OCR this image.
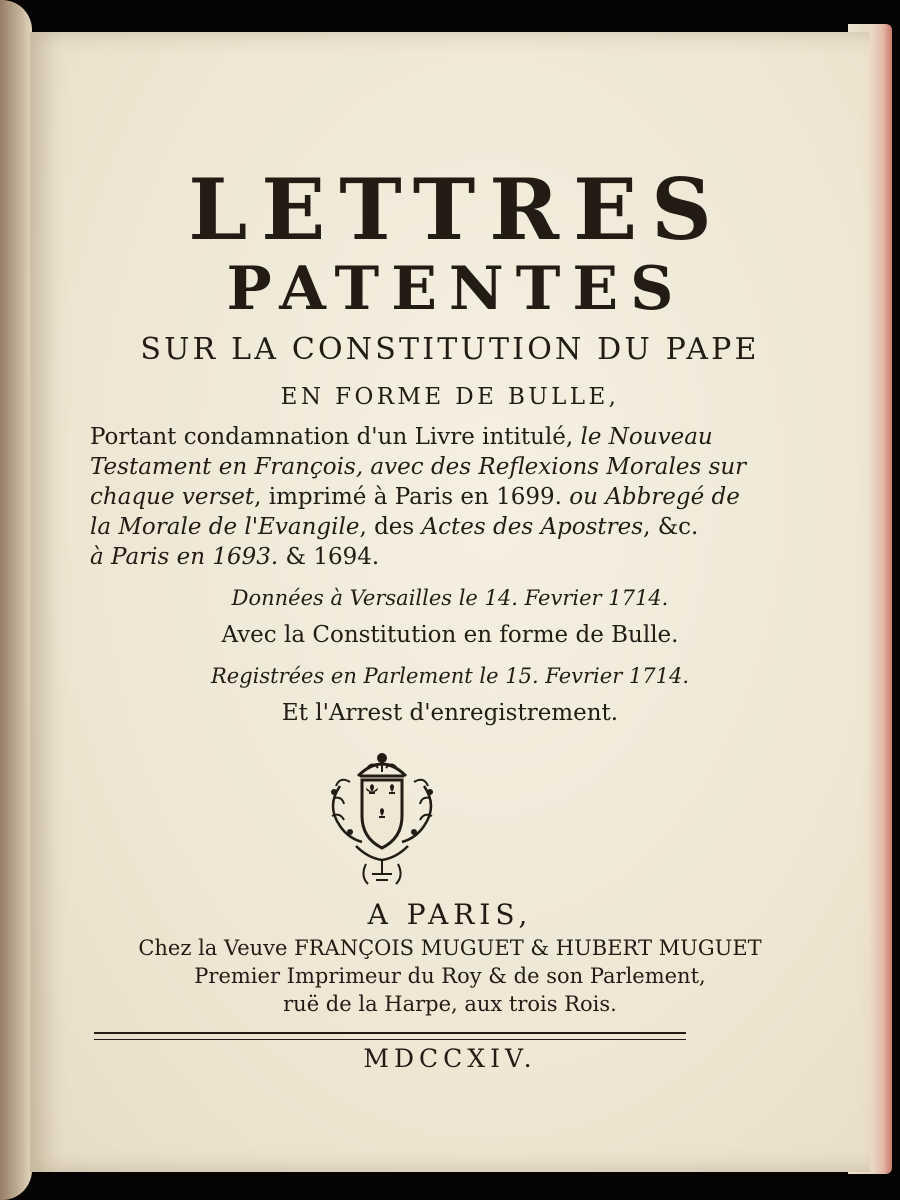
LETTRES
PATENTES
SUR LA CONSTITUTION DU PAPE
EN FORME DE BULLE,
Portant condamnation d'un Livre intitulé, le Nouveau
Testament en François, avec des Reflexions Morales sur
chaque verset, imprimé à Paris en 1699. ou Abbregé de
la Morale de l'Evangile, des Actes des Apostres, &c.
à Paris en 1693. & 1694.
Données à Versailles le 14. Fevrier 1714.
Avec la Constitution en forme de Bulle.
Registrées en Parlement le 15. Fevrier 1714.
Et l'Arrest d'enregistrement.
A PARIS,
Chez la Veuve FRANÇOIS MUGUET & HUBERT MUGUET
Premier Imprimeur du Roy & de son Parlement,
ruë de la Harpe, aux trois Rois.
MDCCXIV.
